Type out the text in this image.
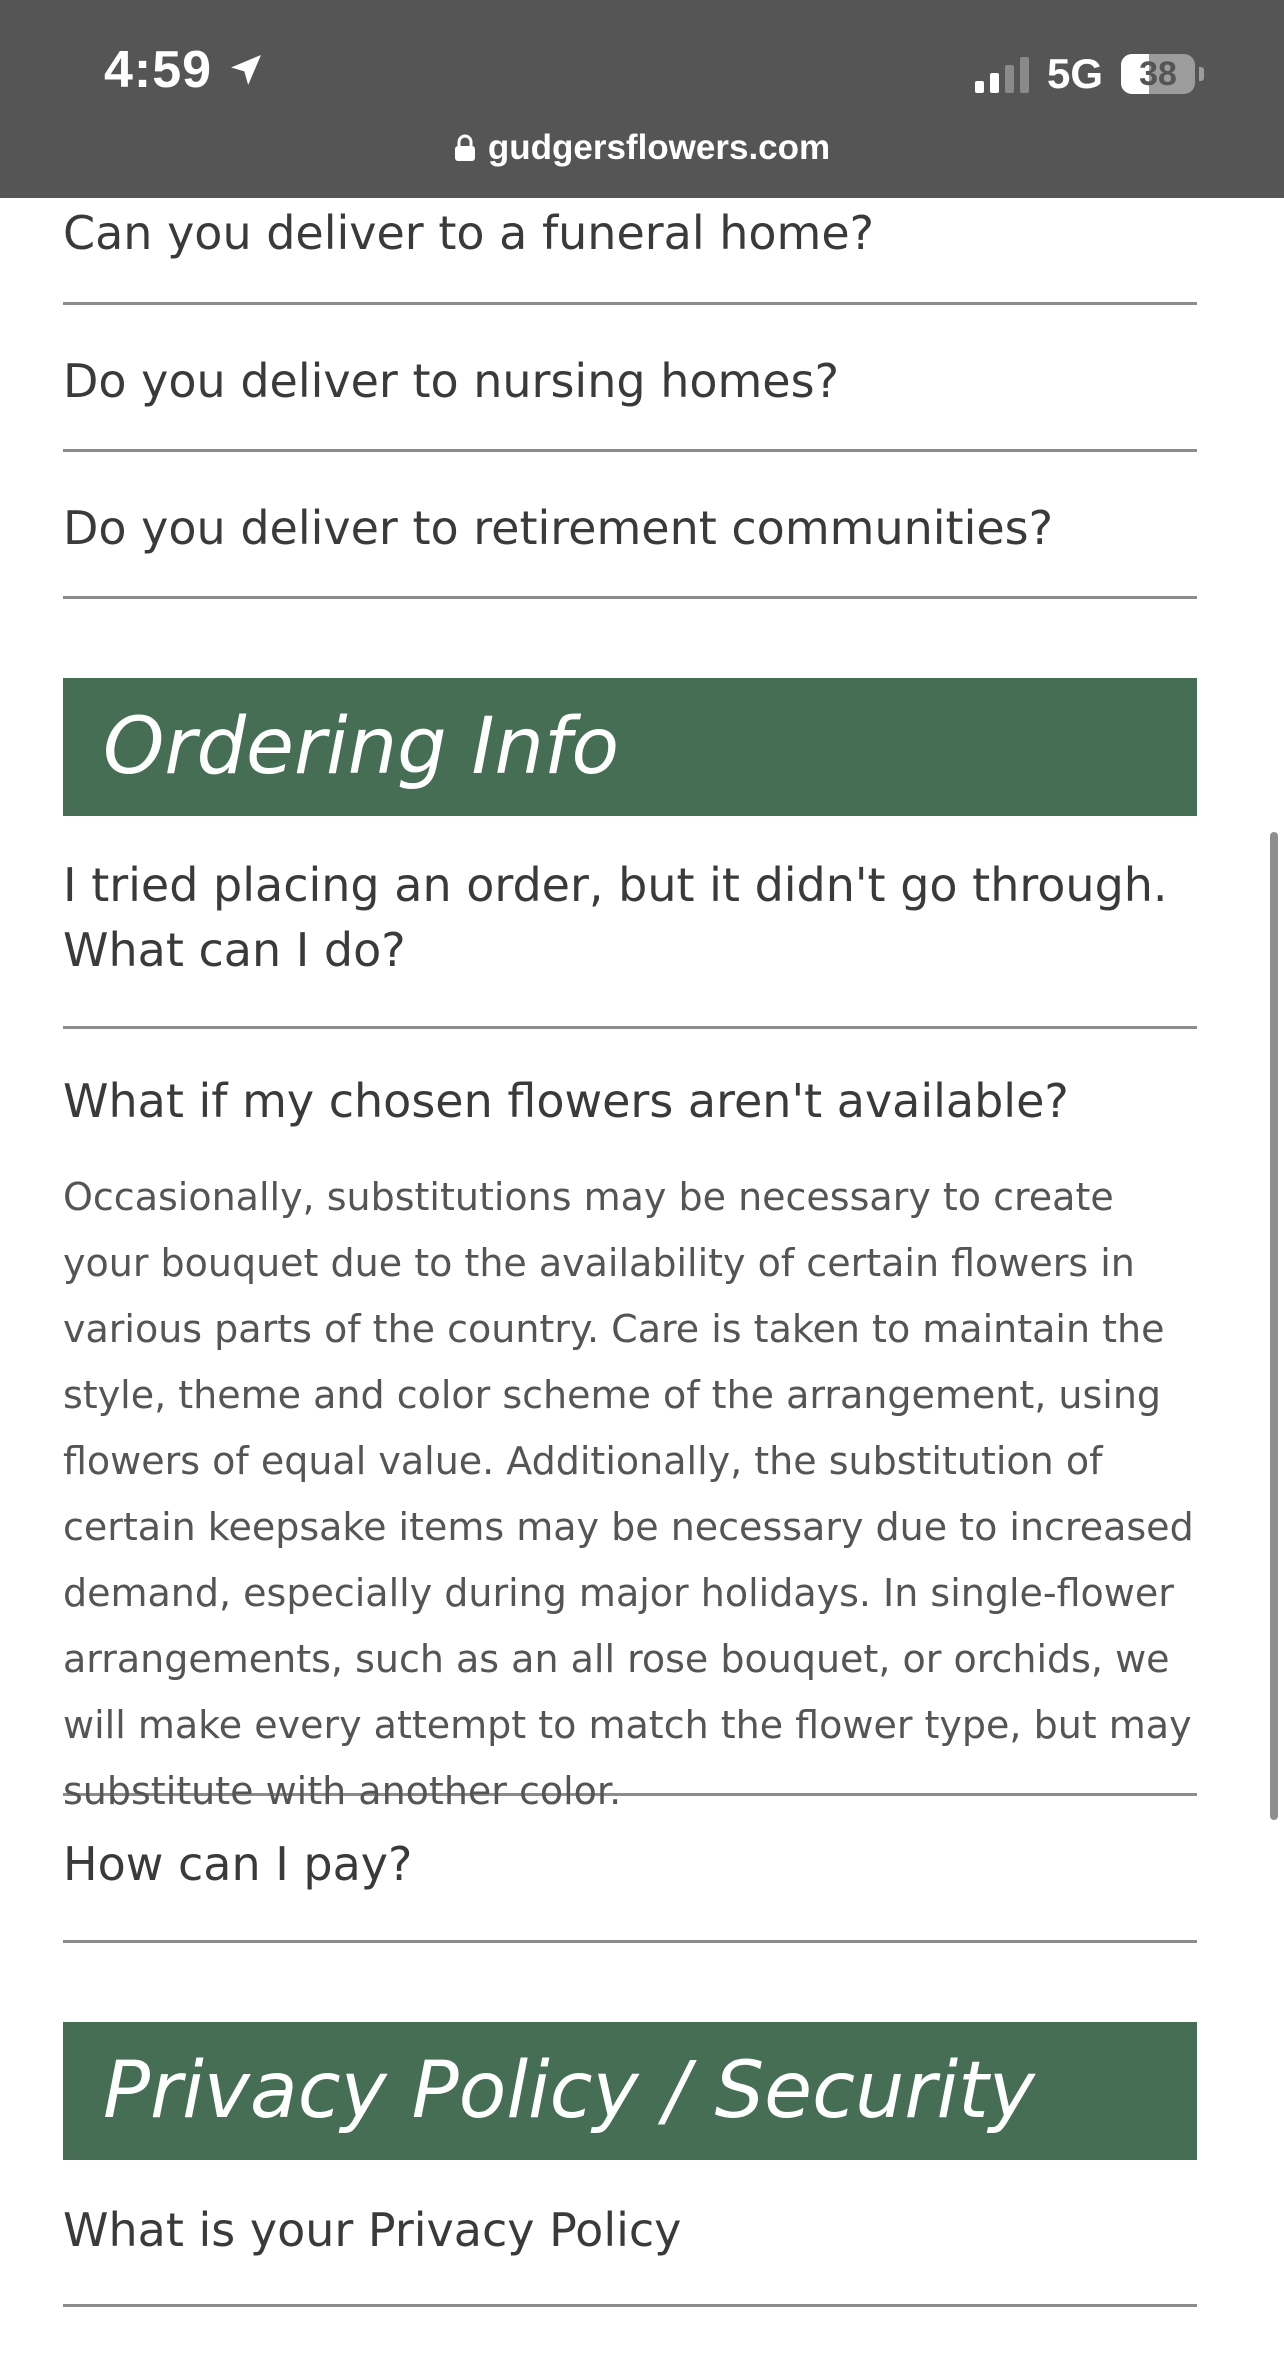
4:59	5G	38
gudgersflowers.com
Can you deliver to a funeral home?
Do you deliver to nursing homes?
Do you deliver to retirement communities?
Ordering Info
I tried placing an order, but it didn't go through. What can I do?
What if my chosen flowers aren't available?
Occasionally, substitutions may be necessary to create your bouquet due to the availability of certain flowers in various parts of the country. Care is taken to maintain the style, theme and color scheme of the arrangement, using flowers of equal value. Additionally, the substitution of certain keepsake items may be necessary due to increased demand, especially during major holidays. In single-flower arrangements, such as an all rose bouquet, or orchids, we will make every attempt to match the flower type, but may substitute with another color.
How can I pay?
Privacy Policy / Security
What is your Privacy Policy
